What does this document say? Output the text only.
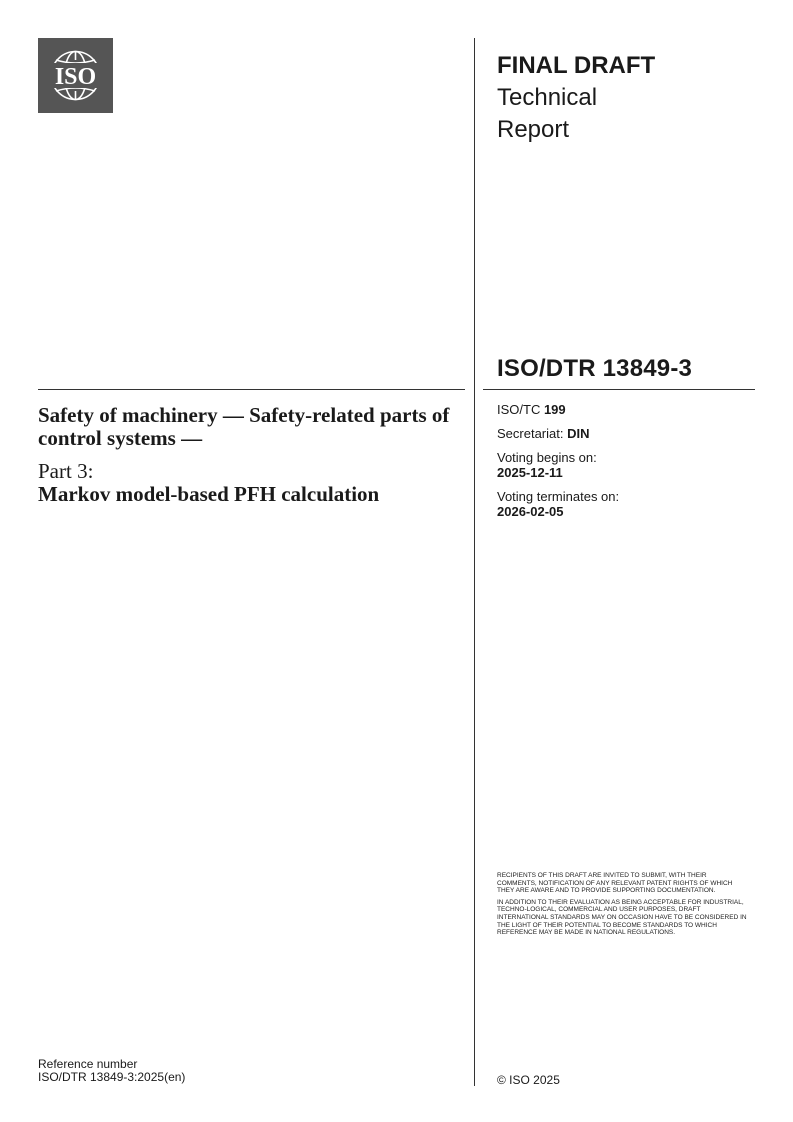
ISO	FINAL DRAFT
Technical
Report
ISO/DTR 13849-3
Safety of machinery — Safety-related parts of control systems —
Part 3:
Markov model-based PFH calculation
ISO/TC 199
Secretariat: DIN
Voting begins on:
2025-12-11
Voting terminates on:
2026-02-05

RECIPIENTS OF THIS DRAFT ARE INVITED TO SUBMIT, WITH THEIR COMMENTS, NOTIFICATION OF ANY RELEVANT PATENT RIGHTS OF WHICH THEY ARE AWARE AND TO PROVIDE SUPPORTING DOCUMENTATION.

IN ADDITION TO THEIR EVALUATION AS BEING ACCEPTABLE FOR INDUSTRIAL, TECHNO-LOGICAL, COMMERCIAL AND USER PURPOSES, DRAFT INTERNATIONAL STANDARDS MAY ON OCCASION HAVE TO BE CONSIDERED IN THE LIGHT OF THEIR POTENTIAL TO BECOME STANDARDS TO WHICH REFERENCE MAY BE MADE IN NATIONAL REGULATIONS.

Reference number
ISO/DTR 13849-3:2025(en)	© ISO 2025
